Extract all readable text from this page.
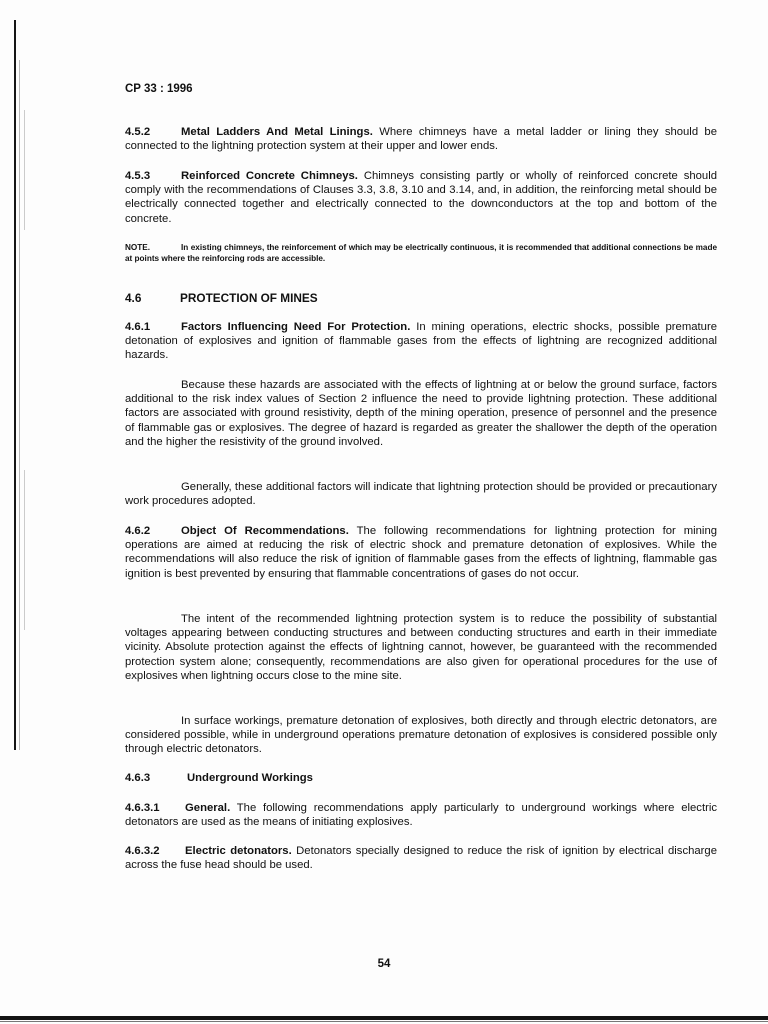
CP 33 : 1996

4.5.2	Metal Ladders And Metal Linings. Where chimneys have a metal ladder or lining they should be connected to the lightning protection system at their upper and lower ends.

4.5.3	Reinforced Concrete Chimneys. Chimneys consisting partly or wholly of reinforced concrete should comply with the recommendations of Clauses 3.3, 3.8, 3.10 and 3.14, and, in addition, the reinforcing metal should be electrically connected together and electrically connected to the downconductors at the top and bottom of the concrete.

NOTE.	In existing chimneys, the reinforcement of which may be electrically continuous, it is recommended that additional connections be made at points where the reinforcing rods are accessible.

4.6	PROTECTION OF MINES

4.6.1	Factors Influencing Need For Protection. In mining operations, electric shocks, possible premature detonation of explosives and ignition of flammable gases from the effects of lightning are recognized additional hazards.

Because these hazards are associated with the effects of lightning at or below the ground surface, factors additional to the risk index values of Section 2 influence the need to provide lightning protection. These additional factors are associated with ground resistivity, depth of the mining operation, presence of personnel and the presence of flammable gas or explosives. The degree of hazard is regarded as greater the shallower the depth of the operation and the higher the resistivity of the ground involved.

Generally, these additional factors will indicate that lightning protection should be provided or precautionary work procedures adopted.

4.6.2	Object Of Recommendations. The following recommendations for lightning protection for mining operations are aimed at reducing the risk of electric shock and premature detonation of explosives. While the recommendations will also reduce the risk of ignition of flammable gases from the effects of lightning, flammable gas ignition is best prevented by ensuring that flammable concentrations of gases do not occur.

The intent of the recommended lightning protection system is to reduce the possibility of substantial voltages appearing between conducting structures and between conducting structures and earth in their immediate vicinity. Absolute protection against the effects of lightning cannot, however, be guaranteed with the recommended protection system alone; consequently, recommendations are also given for operational procedures for the use of explosives when lightning occurs close to the mine site.

In surface workings, premature detonation of explosives, both directly and through electric detonators, are considered possible, while in underground operations premature detonation of explosives is considered possible only through electric detonators.

4.6.3	Underground Workings

4.6.3.1 General. The following recommendations apply particularly to underground workings where electric detonators are used as the means of initiating explosives.

4.6.3.2 Electric detonators. Detonators specially designed to reduce the risk of ignition by electrical discharge across the fuse head should be used.

54
